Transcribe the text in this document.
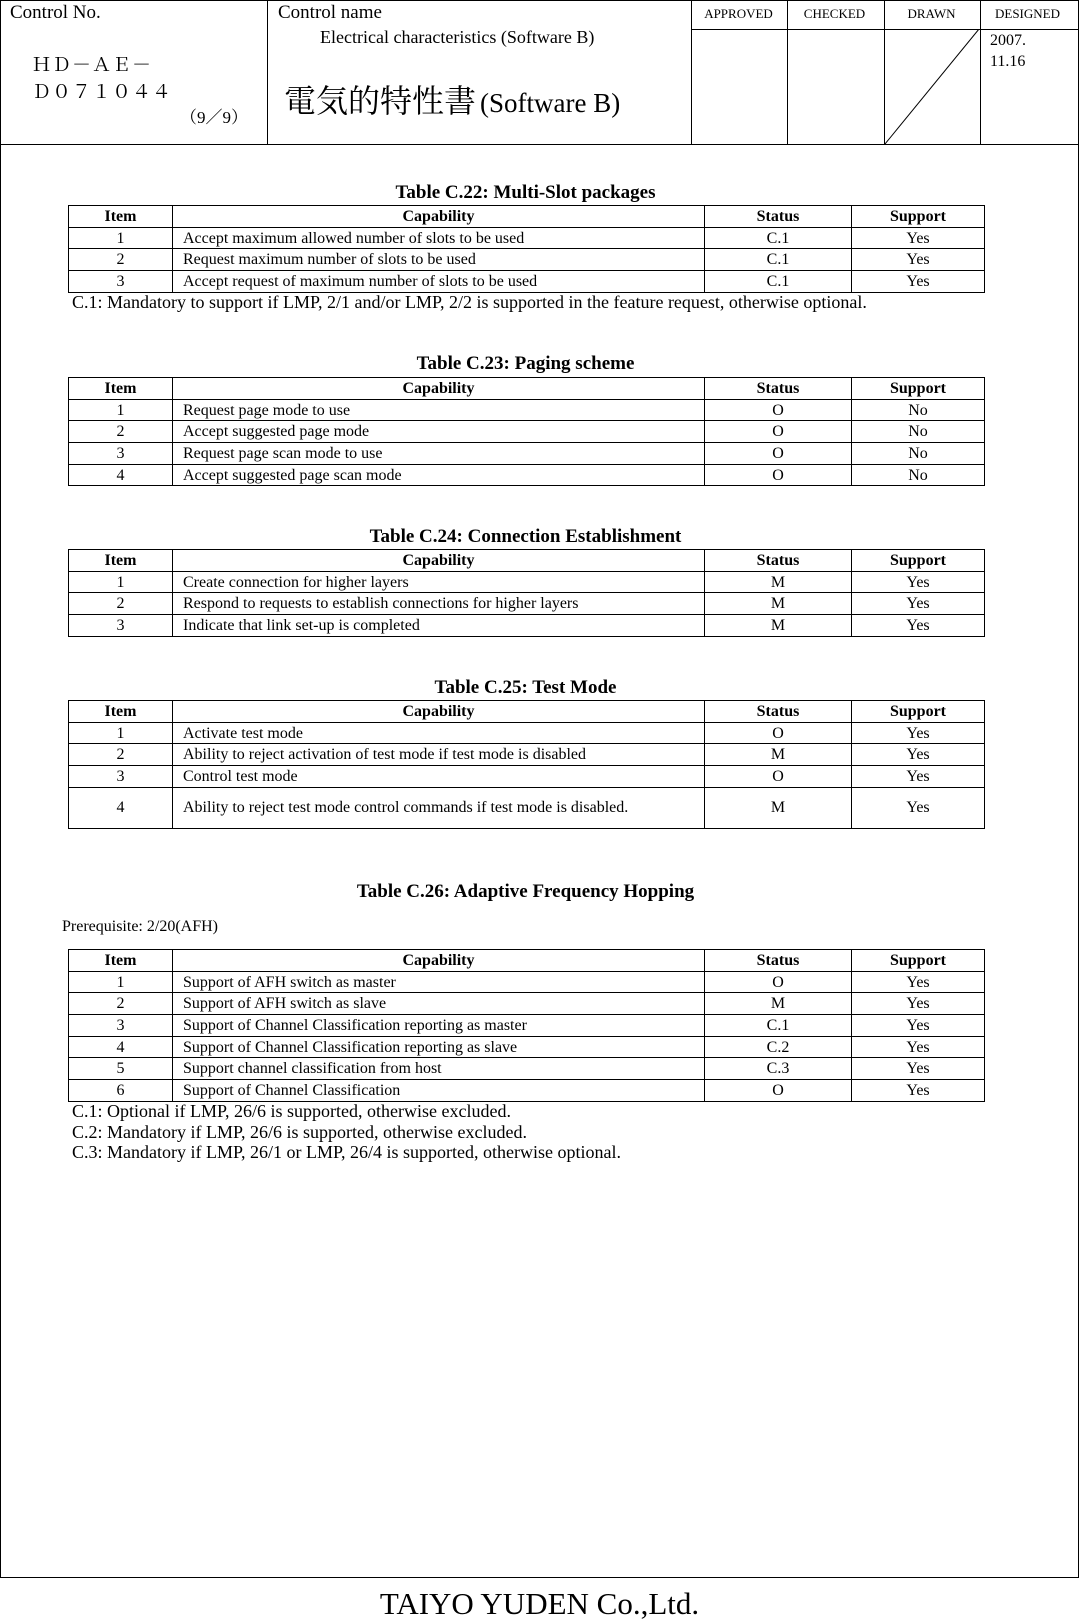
Control No.
ＨＤ－ＡＥ－
Ｄ０７１０４４
（9／9）
Control name
Electrical characteristics (Software B)
電気的特性書 (Software B)
APPROVED	CHECKED	DRAWN	DESIGNED
2007.
11.16
Table C.22: Multi-Slot packages
Item	Capability	Status	Support
1	Accept maximum allowed number of slots to be used	C.1	Yes
2	Request maximum number of slots to be used	C.1	Yes
3	Accept request of maximum number of slots to be used	C.1	Yes
C.1: Mandatory to support if LMP, 2/1 and/or LMP, 2/2 is supported in the feature request, otherwise optional.
Table C.23: Paging scheme
Item	Capability	Status	Support
1	Request page mode to use	O	No
2	Accept suggested page mode	O	No
3	Request page scan mode to use	O	No
4	Accept suggested page scan mode	O	No
Table C.24: Connection Establishment
Item	Capability	Status	Support
1	Create connection for higher layers	M	Yes
2	Respond to requests to establish connections for higher layers	M	Yes
3	Indicate that link set-up is completed	M	Yes
Table C.25: Test Mode
Item	Capability	Status	Support
1	Activate test mode	O	Yes
2	Ability to reject activation of test mode if test mode is disabled	M	Yes
3	Control test mode	O	Yes
4	Ability to reject test mode control commands if test mode is disabled.	M	Yes
Table C.26: Adaptive Frequency Hopping
Prerequisite: 2/20(AFH)
Item	Capability	Status	Support
1	Support of AFH switch as master	O	Yes
2	Support of AFH switch as slave	M	Yes
3	Support of Channel Classification reporting as master	C.1	Yes
4	Support of Channel Classification reporting as slave	C.2	Yes
5	Support channel classification from host	C.3	Yes
6	Support of Channel Classification	O	Yes
C.1: Optional if LMP, 26/6 is supported, otherwise excluded.
C.2: Mandatory if LMP, 26/6 is supported, otherwise excluded.
C.3: Mandatory if LMP, 26/1 or LMP, 26/4 is supported, otherwise optional.
TAIYO YUDEN Co.,Ltd.
